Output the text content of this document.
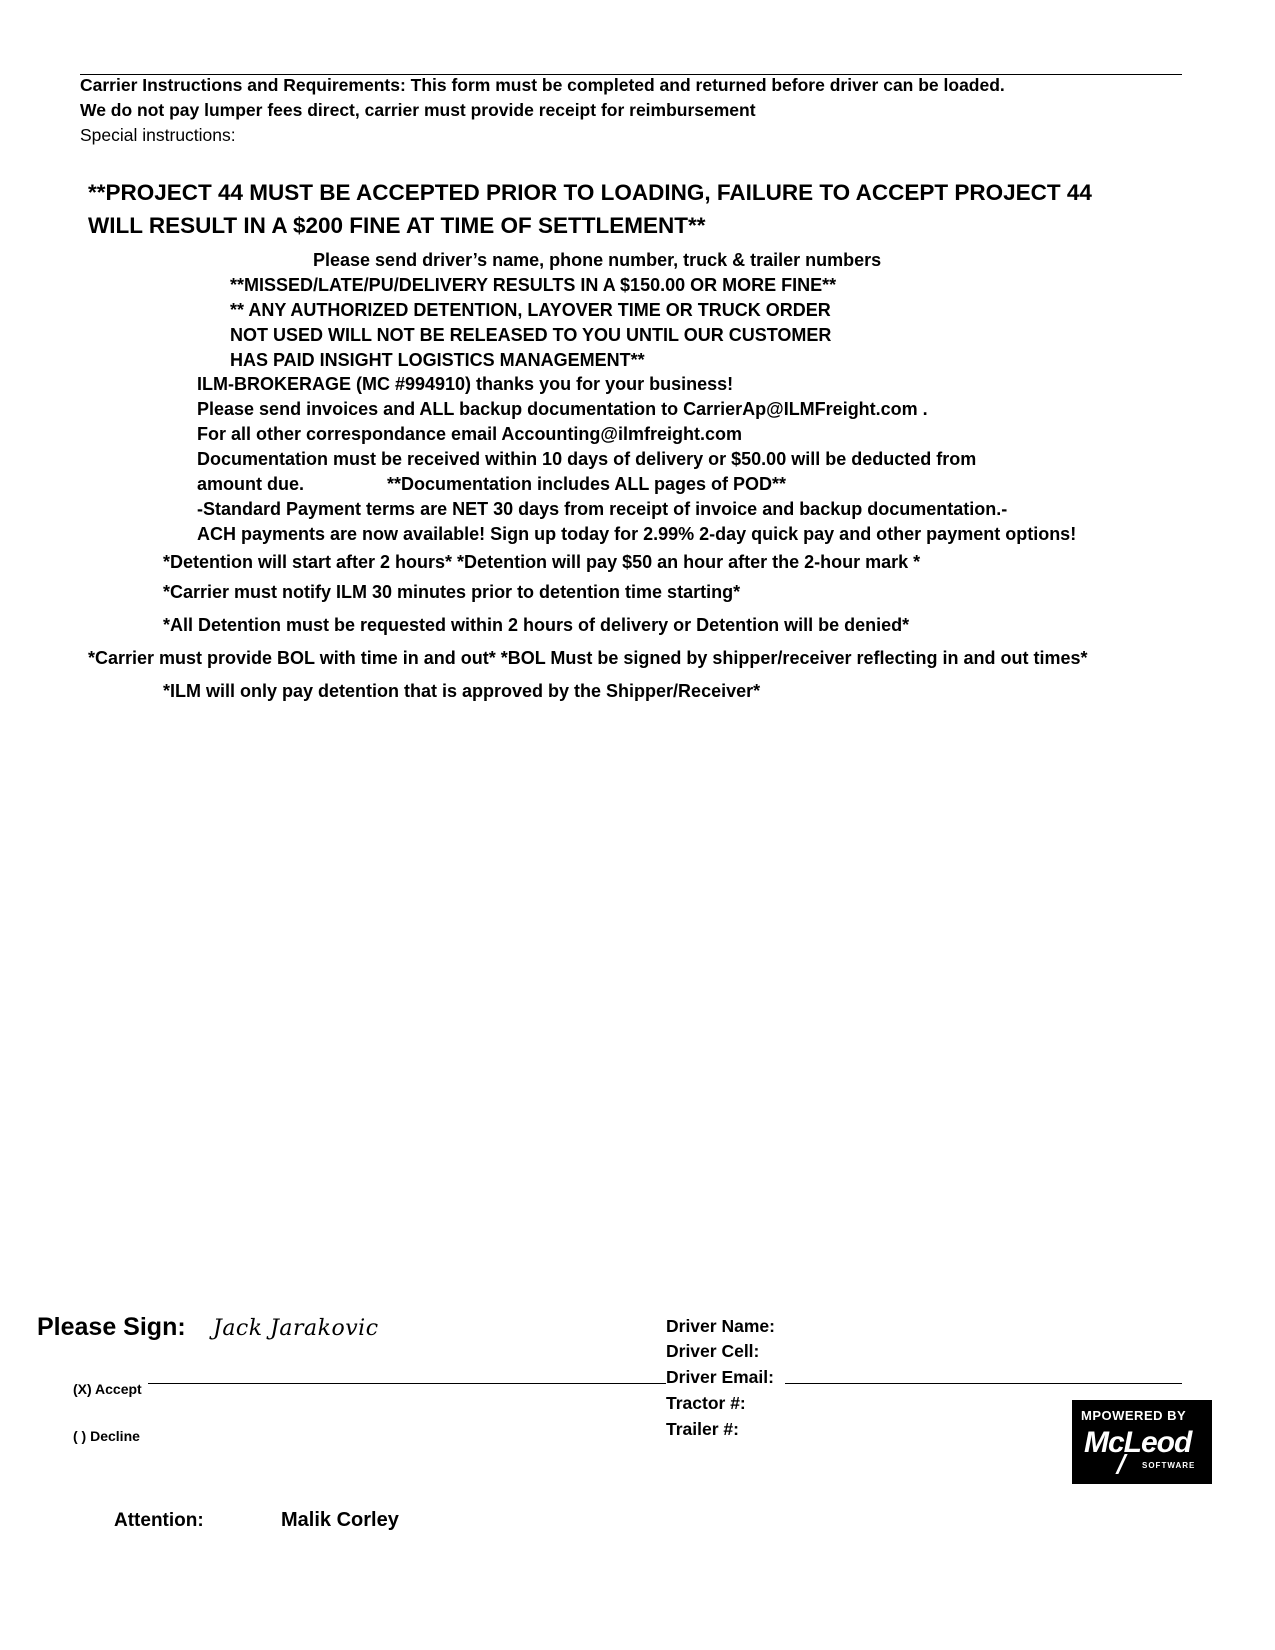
Carrier Instructions and Requirements: This form must be completed and returned before driver can be loaded.
We do not pay lumper fees direct, carrier must provide receipt for reimbursement
Special instructions:
**PROJECT 44 MUST BE ACCEPTED PRIOR TO LOADING, FAILURE TO ACCEPT PROJECT 44
WILL RESULT IN A $200 FINE AT TIME OF SETTLEMENT**
Please send driver’s name, phone number, truck & trailer numbers
**MISSED/LATE/PU/DELIVERY RESULTS IN A $150.00 OR MORE FINE**
** ANY AUTHORIZED DETENTION, LAYOVER TIME OR TRUCK ORDER
NOT USED WILL NOT BE RELEASED TO YOU UNTIL OUR CUSTOMER
HAS PAID INSIGHT LOGISTICS MANAGEMENT**
ILM-BROKERAGE (MC #994910) thanks you for your business!
Please send invoices and ALL backup documentation to CarrierAp@ILMFreight.com .
For all other correspondance email Accounting@ilmfreight.com
Documentation must be received within 10 days of delivery or $50.00 will be deducted from
amount due.	**Documentation includes ALL pages of POD**
-Standard Payment terms are NET 30 days from receipt of invoice and backup documentation.-
ACH payments are now available! Sign up today for 2.99% 2-day quick pay and other payment options!
*Detention will start after 2 hours* *Detention will pay $50 an hour after the 2-hour mark *
*Carrier must notify ILM 30 minutes prior to detention time starting*
*All Detention must be requested within 2 hours of delivery or Detention will be denied*
*Carrier must provide BOL with time in and out* *BOL Must be signed by shipper/receiver reflecting in and out times*
*ILM will only pay detention that is approved by the Shipper/Receiver*
Please Sign: Jack Jarakovic
(X) Accept
( ) Decline
Driver Name:
Driver Cell:
Driver Email:
Tractor #:
Trailer #:
MPOWERED BY
McLeod
SOFTWARE
Attention:	Malik Corley
